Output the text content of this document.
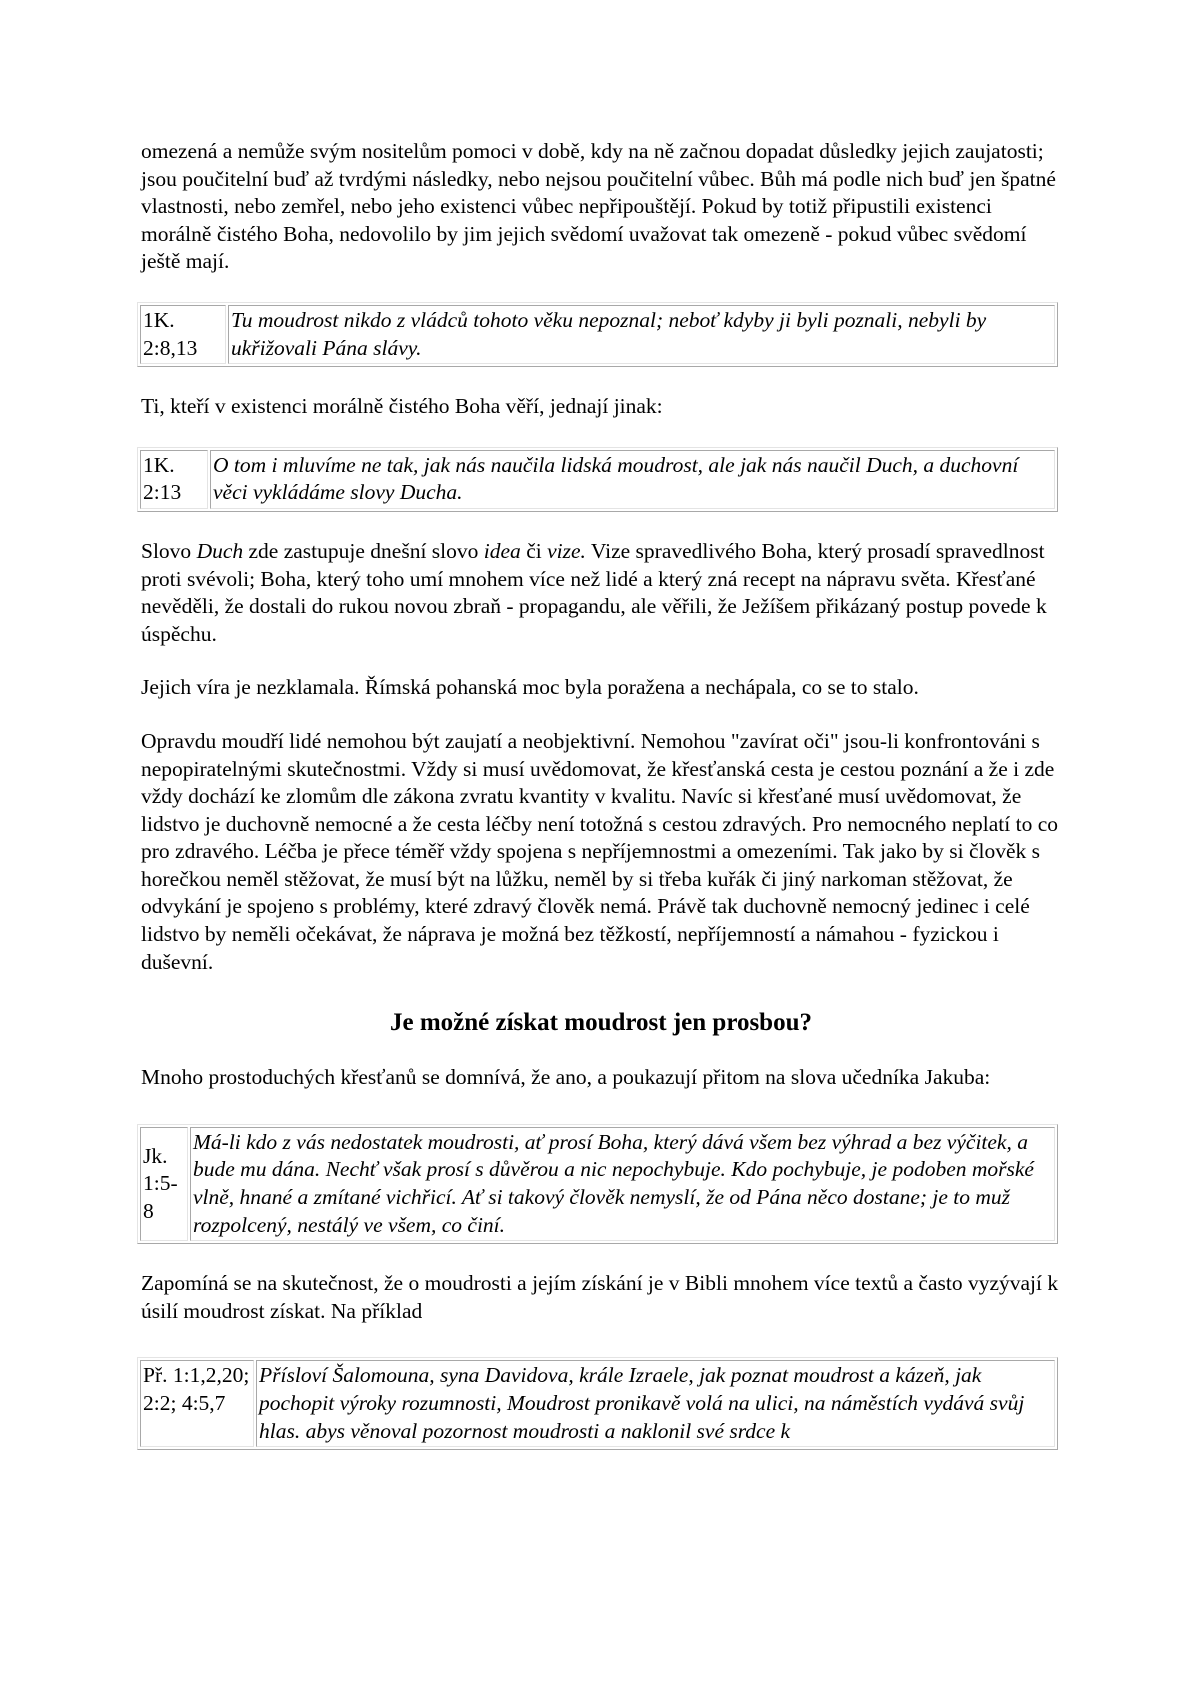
omezená a nemůže svým nositelům pomoci v době, kdy na ně začnou dopadat důsledky jejich zaujatosti; jsou poučitelní buď až tvrdými následky, nebo nejsou poučitelní vůbec. Bůh má podle nich buď jen špatné vlastnosti, nebo zemřel, nebo jeho existenci vůbec nepřipouštějí. Pokud by totiž připustili existenci morálně čistého Boha, nedovolilo by jim jejich svědomí uvažovat tak omezeně - pokud vůbec svědomí ještě mají.

1K. 2:8,13	Tu moudrost nikdo z vládců tohoto věku nepoznal; neboť kdyby ji byli poznali, nebyli by ukřižovali Pána slávy.

Ti, kteří v existenci morálně čistého Boha věří, jednají jinak:

1K. 2:13	O tom i mluvíme ne tak, jak nás naučila lidská moudrost, ale jak nás naučil Duch, a duchovní věci vykládáme slovy Ducha.

Slovo Duch zde zastupuje dnešní slovo idea či vize. Vize spravedlivého Boha, který prosadí spravedlnost proti svévoli; Boha, který toho umí mnohem více než lidé a který zná recept na nápravu světa. Křesťané nevěděli, že dostali do rukou novou zbraň - propagandu, ale věřili, že Ježíšem přikázaný postup povede k úspěchu.

Jejich víra je nezklamala. Římská pohanská moc byla poražena a nechápala, co se to stalo.

Opravdu moudří lidé nemohou být zaujatí a neobjektivní. Nemohou "zavírat oči" jsou-li konfrontováni s nepopiratelnými skutečnostmi. Vždy si musí uvědomovat, že křesťanská cesta je cestou poznání a že i zde vždy dochází ke zlomům dle zákona zvratu kvantity v kvalitu. Navíc si křesťané musí uvědomovat, že lidstvo je duchovně nemocné a že cesta léčby není totožná s cestou zdravých. Pro nemocného neplatí to co pro zdravého. Léčba je přece téměř vždy spojena s nepříjemnostmi a omezeními. Tak jako by si člověk s horečkou neměl stěžovat, že musí být na lůžku, neměl by si třeba kuřák či jiný narkoman stěžovat, že odvykání je spojeno s problémy, které zdravý člověk nemá. Právě tak duchovně nemocný jedinec i celé lidstvo by neměli očekávat, že náprava je možná bez těžkostí, nepříjemností a námahou - fyzickou i duševní.

Je možné získat moudrost jen prosbou?

Mnoho prostoduchých křesťanů se domnívá, že ano, a poukazují přitom na slova učedníka Jakuba:

Jk. 1:5-8	Má-li kdo z vás nedostatek moudrosti, ať prosí Boha, který dává všem bez výhrad a bez výčitek, a bude mu dána. Nechť však prosí s důvěrou a nic nepochybuje. Kdo pochybuje, je podoben mořské vlně, hnané a zmítané vichřicí. Ať si takový člověk nemyslí, že od Pána něco dostane; je to muž rozpolcený, nestálý ve všem, co činí.

Zapomíná se na skutečnost, že o moudrosti a jejím získání je v Bibli mnohem více textů a často vyzývají k úsilí moudrost získat. Na příklad

Př. 1:1,2,20; 2:2; 4:5,7	Přísloví Šalomouna, syna Davidova, krále Izraele, jak poznat moudrost a kázeň, jak pochopit výroky rozumnosti, Moudrost pronikavě volá na ulici, na náměstích vydává svůj hlas. abys věnoval pozornost moudrosti a naklonil své srdce k
